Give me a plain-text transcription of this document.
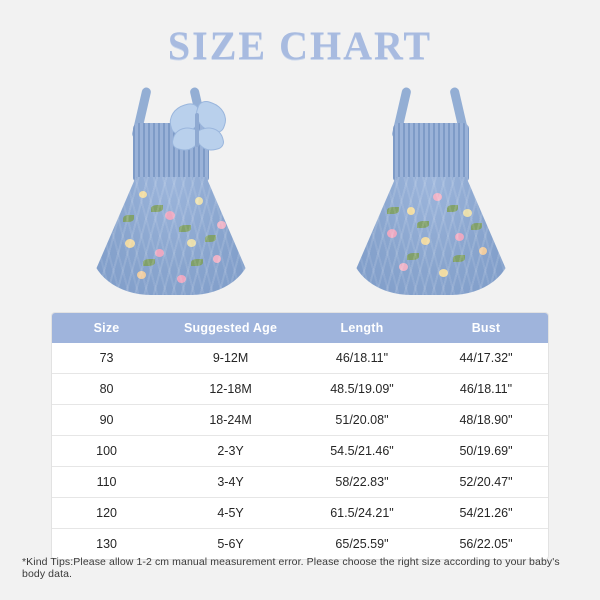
SIZE CHART
Size	Suggested Age	Length	Bust
73	9-12M	46/18.11"	44/17.32"
80	12-18M	48.5/19.09"	46/18.11"
90	18-24M	51/20.08"	48/18.90"
100	2-3Y	54.5/21.46"	50/19.69"
110	3-4Y	58/22.83"	52/20.47"
120	4-5Y	61.5/24.21"	54/21.26"
130	5-6Y	65/25.59"	56/22.05"
*Kind Tips:Please allow 1-2 cm manual measurement error. Please choose the right size according to your baby's body data.
